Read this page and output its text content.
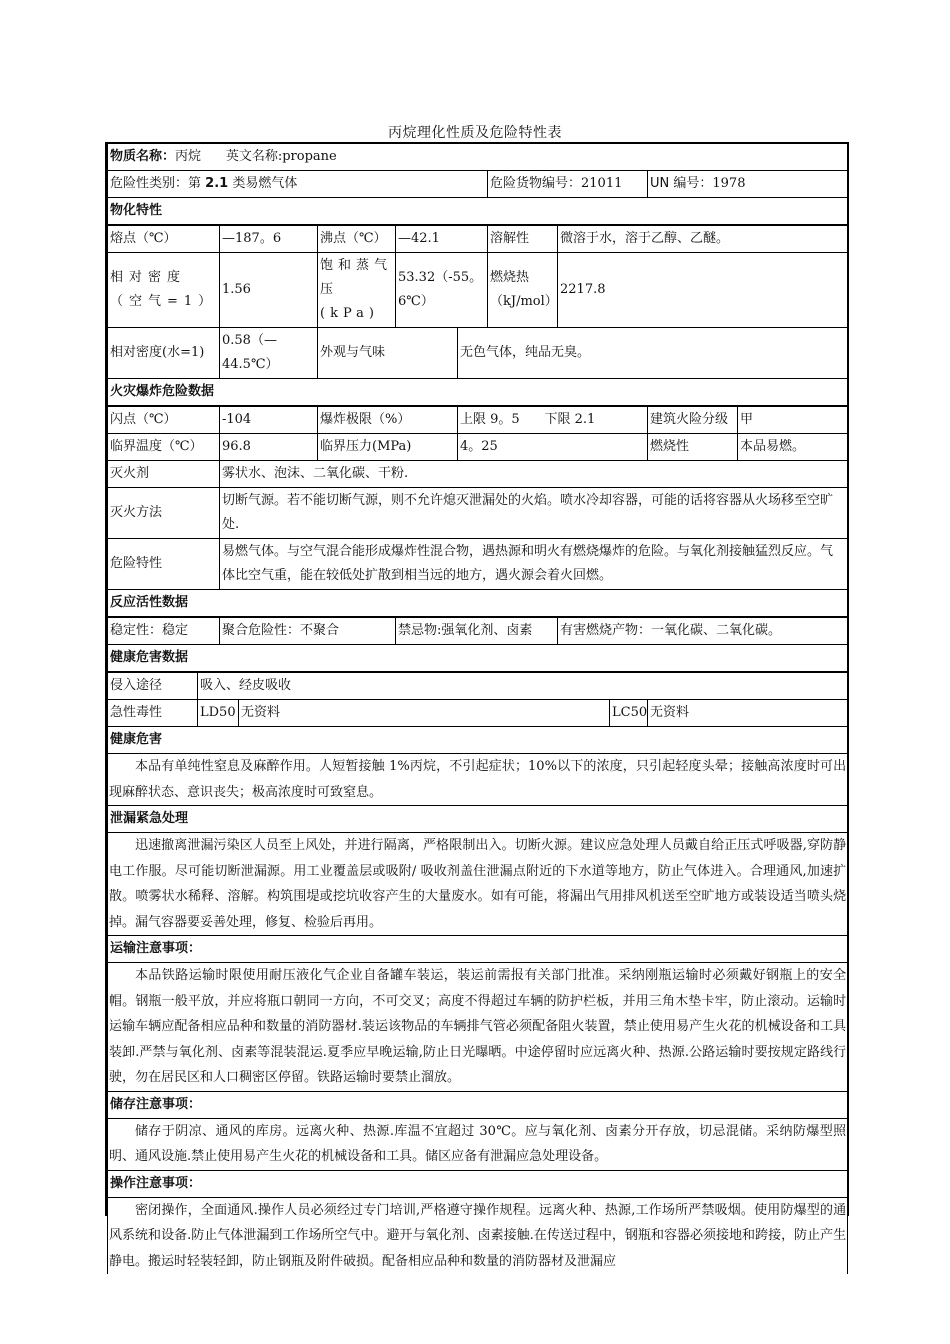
丙烷理化性质及危险特性表
物质名称：丙烷 英文名称:propane											
危险性类别：第 2.1 类易燃气体							危险货物编号：21011			UN 编号：1978	
物化特性											
熔点（℃）		—187。6		沸点（℃）	—42.1		溶解性	微溶于水，溶于乙醇、乙醚。			
相对密度（空气=1）		1.56		饱和蒸气压(kPa)	53.32（-55。6℃）		燃烧热（kJ/mol）	2217.8			
相对密度(水=1)		0.58（—44.5℃）		外观与气味		无色气体，纯品无臭。					
火灾爆炸危险数据											
闪点（℃）		-104		爆炸极限（%）		上限 9。5 下限 2.1				建筑火险分级	甲
临界温度（℃）		96.8		临界压力(MPa)		4。25				燃烧性	本品易燃。
灭火剂		雾状水、泡沫、二氧化碳、干粉.									
灭火方法		切断气源。若不能切断气源，则不允许熄灭泄漏处的火焰。喷水冷却容器，可能的话将容器从火场移至空旷处.									
危险特性		易燃气体。与空气混合能形成爆炸性混合物，遇热源和明火有燃烧爆炸的危险。与氧化剂接触猛烈反应。气体比空气重，能在较低处扩散到相当远的地方，遇火源会着火回燃。									
反应活性数据											
稳定性：稳定		聚合危险性：不聚合			禁忌物:强氧化剂、卤素			有害燃烧产物：一氧化碳、二氧化碳。			
健康危害数据											
侵入途径	吸入、经皮吸收										
急性毒性	LD50		无资料						LC50	无资料	
健康危害											
本品有单纯性窒息及麻醉作用。人短暂接触 1%丙烷，不引起症状；10%以下的浓度，只引起轻度头晕；接触高浓度时可出现麻醉状态、意识丧失；极高浓度时可致窒息。											
泄漏紧急处理											
迅速撤离泄漏污染区人员至上风处，并进行隔离，严格限制出入。切断火源。建议应急处理人员戴自给正压式呼吸器,穿防静电工作服。尽可能切断泄漏源。用工业覆盖层或吸附/ 吸收剂盖住泄漏点附近的下水道等地方，防止气体进入。合理通风,加速扩散。喷雾状水稀释、溶解。构筑围堤或挖坑收容产生的大量废水。如有可能，将漏出气用排风机送至空旷地方或装设适当喷头烧掉。漏气容器要妥善处理，修复、检验后再用。											
运输注意事项：											
本品铁路运输时限使用耐压液化气企业自备罐车装运，装运前需报有关部门批准。采纳刚瓶运输时必须戴好钢瓶上的安全帽。钢瓶一般平放，并应将瓶口朝同一方向，不可交叉；高度不得超过车辆的防护栏板，并用三角木垫卡牢，防止滚动。运输时运输车辆应配备相应品种和数量的消防器材.装运该物品的车辆排气管必须配备阻火装置，禁止使用易产生火花的机械设备和工具装卸.严禁与氧化剂、卤素等混装混运.夏季应早晚运输,防止日光曝晒。中途停留时应远离火种、热源.公路运输时要按规定路线行驶，勿在居民区和人口稠密区停留。铁路运输时要禁止溜放。											
储存注意事项：											
储存于阴凉、通风的库房。远离火种、热源.库温不宜超过 30℃。应与氧化剂、卤素分开存放，切忌混储。采纳防爆型照明、通风设施.禁止使用易产生火花的机械设备和工具。储区应备有泄漏应急处理设备。											
操作注意事项：											
密闭操作，全面通风.操作人员必须经过专门培训,严格遵守操作规程。远离火种、热源,工作场所严禁吸烟。使用防爆型的通风系统和设备.防止气体泄漏到工作场所空气中。避开与氧化剂、卤素接触.在传送过程中，钢瓶和容器必须接地和跨接，防止产生静电。搬运时轻装轻卸，防止钢瓶及附件破损。配备相应品种和数量的消防器材及泄漏应											
